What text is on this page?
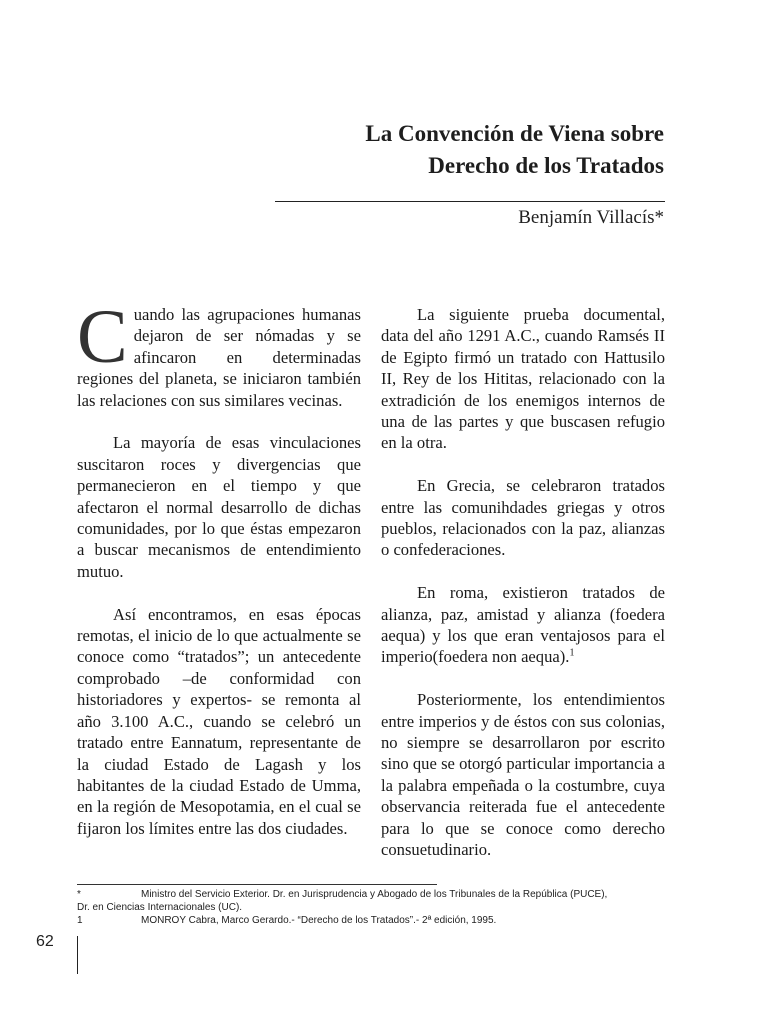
La Convención de Viena sobre
Derecho de los Tratados
Benjamín Villacís*

Cuando las agrupaciones humanas dejaron de ser nómadas y se afincaron en determinadas regiones del planeta, se iniciaron también las relaciones con sus similares vecinas.

La mayoría de esas vinculaciones suscitaron roces y divergencias que permanecieron en el tiempo y que afectaron el normal desarrollo de dichas comunidades, por lo que éstas empezaron a buscar mecanismos de entendimiento mutuo.

Así encontramos, en esas épocas remotas, el inicio de lo que actualmente se conoce como “tratados”; un antecedente comprobado –de conformidad con historiadores y expertos- se remonta al año 3.100 A.C., cuando se celebró un tratado entre Eannatum, representante de la ciudad Estado de Lagash y los habitantes de la ciudad Estado de Umma, en la región de Mesopotamia, en el cual se fijaron los límites entre las dos ciudades.

La siguiente prueba documental, data del año 1291 A.C., cuando Ramsés II de Egipto firmó un tratado con Hattusilo II, Rey de los Hititas, relacionado con la extradición de los enemigos internos de una de las partes y que buscasen refugio en la otra.

En Grecia, se celebraron tratados entre las comunihdades griegas y otros pueblos, relacionados con la paz, alianzas o confederaciones.

En roma, existieron tratados de alianza, paz, amistad y alianza (foedera aequa) y los que eran ventajosos para el imperio(foedera non aequa).$^1$

Posteriormente, los entendimientos entre imperios y de éstos con sus colonias, no siempre se desarrollaron por escrito sino que se otorgó particular importancia a la palabra empeñada o la costumbre, cuya observancia reiterada fue el antecedente para lo que se conoce como derecho consuetudinario.

*	Ministro del Servicio Exterior. Dr. en Jurisprudencia y Abogado de los Tribunales de la República (PUCE),
Dr. en Ciencias Internacionales (UC).
1	MONROY Cabra, Marco Gerardo.- “Derecho de los Tratados”.- 2ª edición, 1995.
62
